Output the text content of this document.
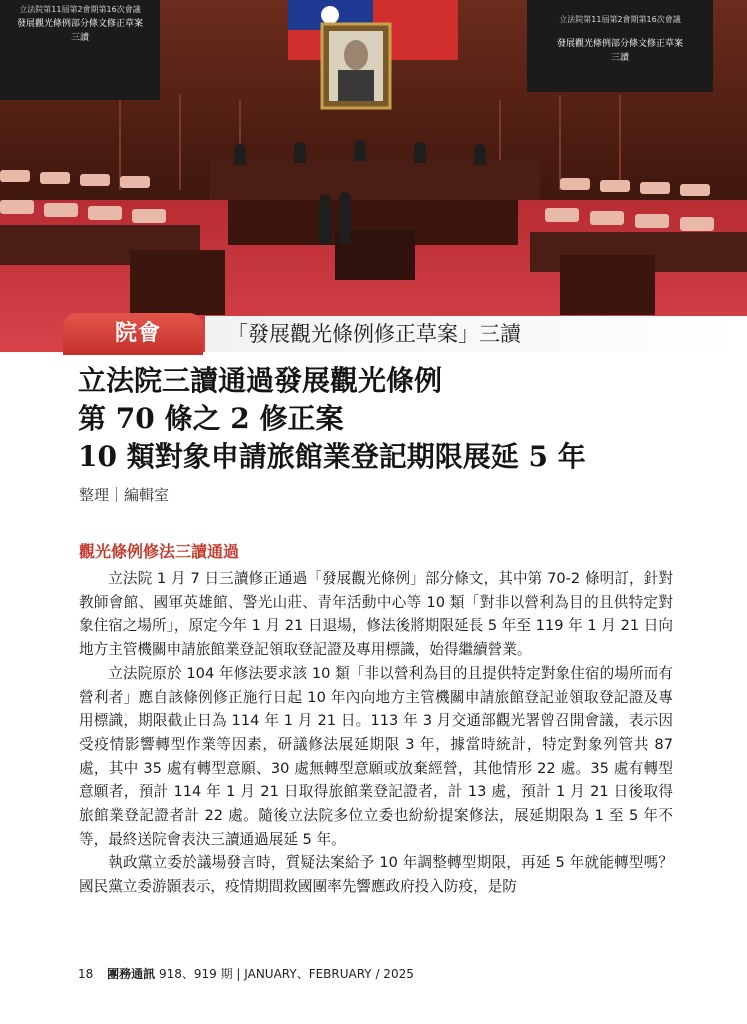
立法院第11屆第2會期第16次會議
發展觀光條例部分條文修正草案
三讀
立法院第11屆第2會期第16次會議
發展觀光條例部分條文修正草案
三讀
院會	「發展觀光條例修正草案」三讀
立法院三讀通過發展觀光條例
第 70 條之 2 修正案
10 類對象申請旅館業登記期限展延 5 年
整理｜編輯室
觀光條例修法三讀通過

立法院 1 月 7 日三讀修正通過「發展觀光條例」部分條文，其中第 70-2 條明訂，針對教師會館、國軍英雄館、警光山莊、青年活動中心等 10 類「對非以營利為目的且供特定對象住宿之場所」，原定今年 1 月 21 日退場，修法後將期限延長 5 年至 119 年 1 月 21 日向地方主管機關申請旅館業登記領取登記證及專用標識，始得繼續營業。

立法院原於 104 年修法要求該 10 類「非以營利為目的且提供特定對象住宿的場所而有營利者」應自該條例修正施行日起 10 年內向地方主管機關申請旅館登記並領取登記證及專用標識，期限截止日為 114 年 1 月 21 日。113 年 3 月交通部觀光署曾召開會議，表示因受疫情影響轉型作業等因素，研議修法展延期限 3 年，據當時統計，特定對象列管共 87 處，其中 35 處有轉型意願、30 處無轉型意願或放棄經營，其他情形 22 處。35 處有轉型意願者，預計 114 年 1 月 21 日取得旅館業登記證者，計 13 處，預計 1 月 21 日後取得旅館業登記證者計 22 處。隨後立法院多位立委也紛紛提案修法，展延期限為 1 至 5 年不等，最終送院會表決三讀通過展延 5 年。

執政黨立委於議場發言時，質疑法案給予 10 年調整轉型期限，再延 5 年就能轉型嗎？國民黨立委游顥表示，疫情期間救國團率先響應政府投入防疫，是防

18 團務通訊 918、919 期 | JANUARY、FEBRUARY / 2025
